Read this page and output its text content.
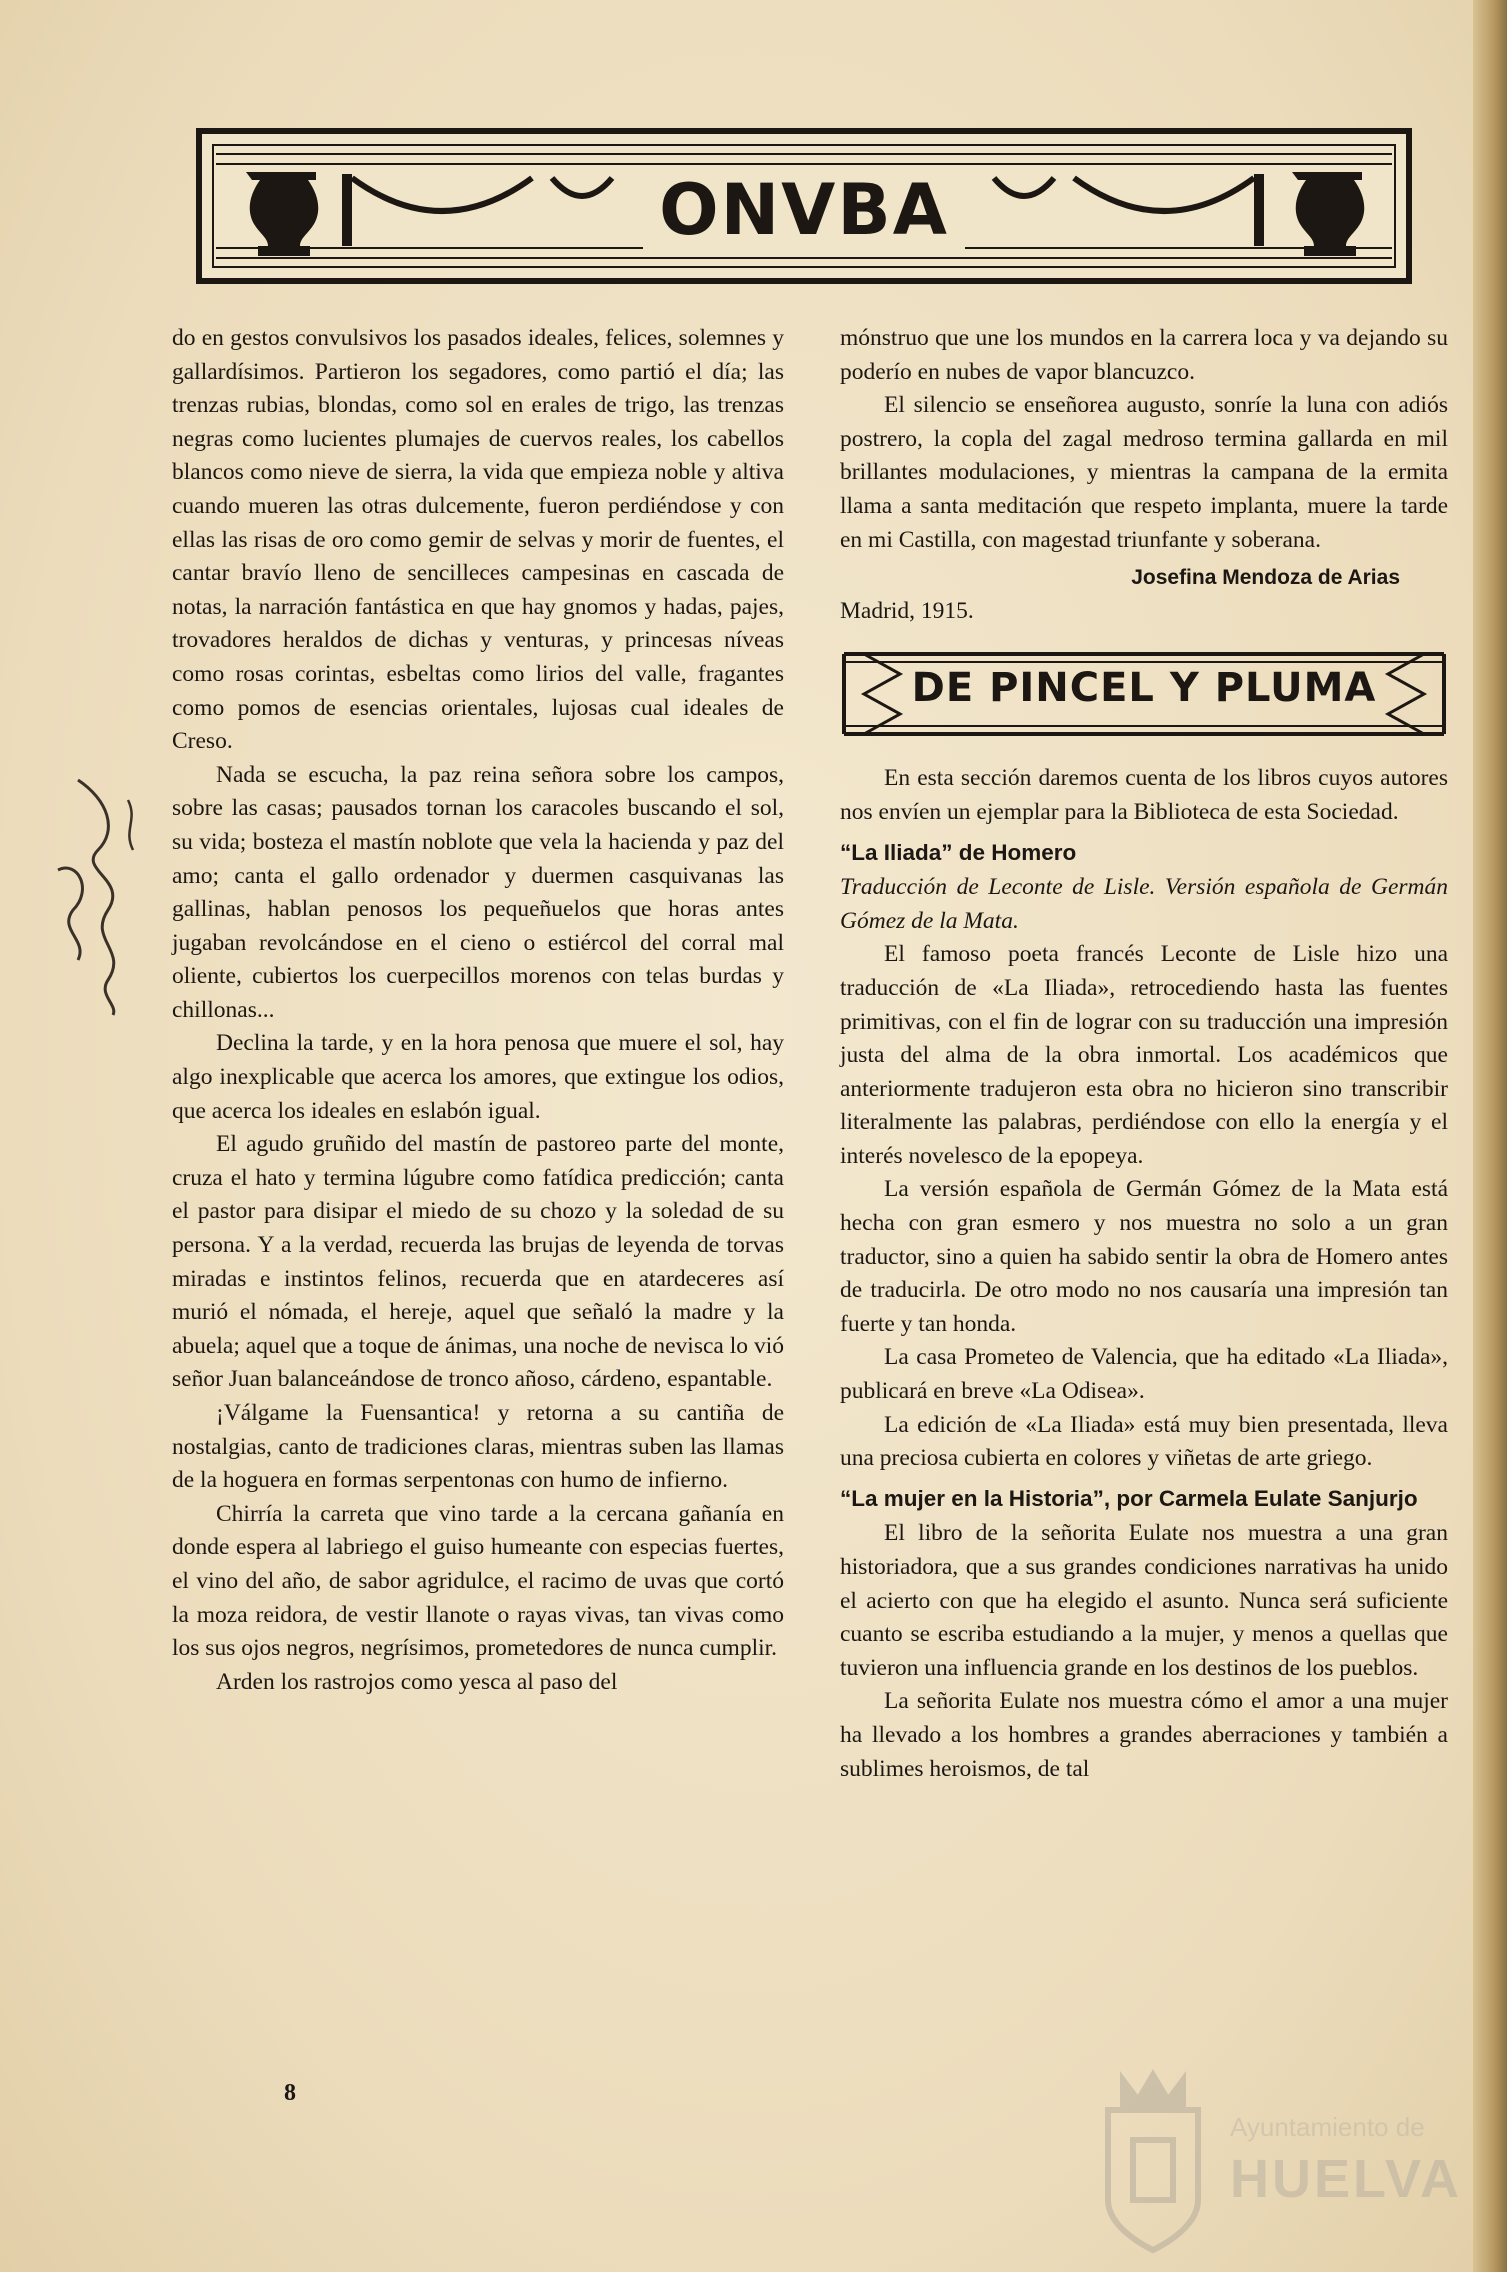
ONVBA

do en gestos convulsivos los pasados ideales, felices, solemnes y gallardísimos. Partieron los segadores, como partió el día; las trenzas rubias, blondas, como sol en erales de trigo, las trenzas negras como lucientes plumajes de cuervos reales, los cabellos blancos como nieve de sierra, la vida que empieza noble y altiva cuando mueren las otras dulcemente, fueron perdiéndose y con ellas las risas de oro como gemir de selvas y morir de fuentes, el cantar bravío lleno de sencilleces campesinas en cascada de notas, la narración fantástica en que hay gnomos y hadas, pajes, trovadores heraldos de dichas y venturas, y princesas níveas como rosas corintas, esbeltas como lirios del valle, fragantes como pomos de esencias orientales, lujosas cual ideales de Creso.

Nada se escucha, la paz reina señora sobre los campos, sobre las casas; pausados tornan los caracoles buscando el sol, su vida; bosteza el mastín noblote que vela la hacienda y paz del amo; canta el gallo ordenador y duermen casquivanas las gallinas, hablan penosos los pequeñuelos que horas antes jugaban revolcándose en el cieno o estiércol del corral mal oliente, cubiertos los cuerpecillos morenos con telas burdas y chillonas...

Declina la tarde, y en la hora penosa que muere el sol, hay algo inexplicable que acerca los amores, que extingue los odios, que acerca los ideales en eslabón igual.

El agudo gruñido del mastín de pastoreo parte del monte, cruza el hato y termina lúgubre como fatídica predicción; canta el pastor para disipar el miedo de su chozo y la soledad de su persona. Y a la verdad, recuerda las brujas de leyenda de torvas miradas e instintos felinos, recuerda que en atardeceres así murió el nómada, el hereje, aquel que señaló la madre y la abuela; aquel que a toque de ánimas, una noche de nevisca lo vió señor Juan balanceándose de tronco añoso, cárdeno, espantable.

¡Válgame la Fuensantica! y retorna a su cantiña de nostalgias, canto de tradiciones claras, mientras suben las llamas de la hoguera en formas serpentonas con humo de infierno.

Chirría la carreta que vino tarde a la cercana gañanía en donde espera al labriego el guiso humeante con especias fuertes, el vino del año, de sabor agridulce, el racimo de uvas que cortó la moza reidora, de vestir llanote o rayas vivas, tan vivas como los sus ojos negros, negrísimos, prometedores de nunca cumplir.

Arden los rastrojos como yesca al paso del

mónstruo que une los mundos en la carrera loca y va dejando su poderío en nubes de vapor blancuzco.

El silencio se enseñorea augusto, sonríe la luna con adiós postrero, la copla del zagal medroso termina gallarda en mil brillantes modulaciones, y mientras la campana de la ermita llama a santa meditación que respeto implanta, muere la tarde en mi Castilla, con magestad triunfante y soberana.

Josefina Mendoza de Arias

Madrid, 1915.

DE PINCEL Y PLUMA

En esta sección daremos cuenta de los libros cuyos autores nos envíen un ejemplar para la Biblioteca de esta Sociedad.

“La Iliada” de Homero

Traducción de Leconte de Lisle. Versión española de Germán Gómez de la Mata.

El famoso poeta francés Leconte de Lisle hizo una traducción de «La Iliada», retrocediendo hasta las fuentes primitivas, con el fin de lograr con su traducción una impresión justa del alma de la obra inmortal. Los académicos que anteriormente tradujeron esta obra no hicieron sino transcribir literalmente las palabras, perdiéndose con ello la energía y el interés novelesco de la epopeya.

La versión española de Germán Gómez de la Mata está hecha con gran esmero y nos muestra no solo a un gran traductor, sino a quien ha sabido sentir la obra de Homero antes de traducirla. De otro modo no nos causaría una impresión tan fuerte y tan honda.

La casa Prometeo de Valencia, que ha editado «La Iliada», publicará en breve «La Odisea».

La edición de «La Iliada» está muy bien presentada, lleva una preciosa cubierta en colores y viñetas de arte griego.

“La mujer en la Historia”, por Carmela Eulate Sanjurjo

El libro de la señorita Eulate nos muestra a una gran historiadora, que a sus grandes condiciones narrativas ha unido el acierto con que ha elegido el asunto. Nunca será suficiente cuanto se escriba estudiando a la mujer, y menos a quellas que tuvieron una influencia grande en los destinos de los pueblos.

La señorita Eulate nos muestra cómo el amor a una mujer ha llevado a los hombres a grandes aberraciones y también a sublimes heroismos, de tal

8
Ayuntamiento de
HUELVA
